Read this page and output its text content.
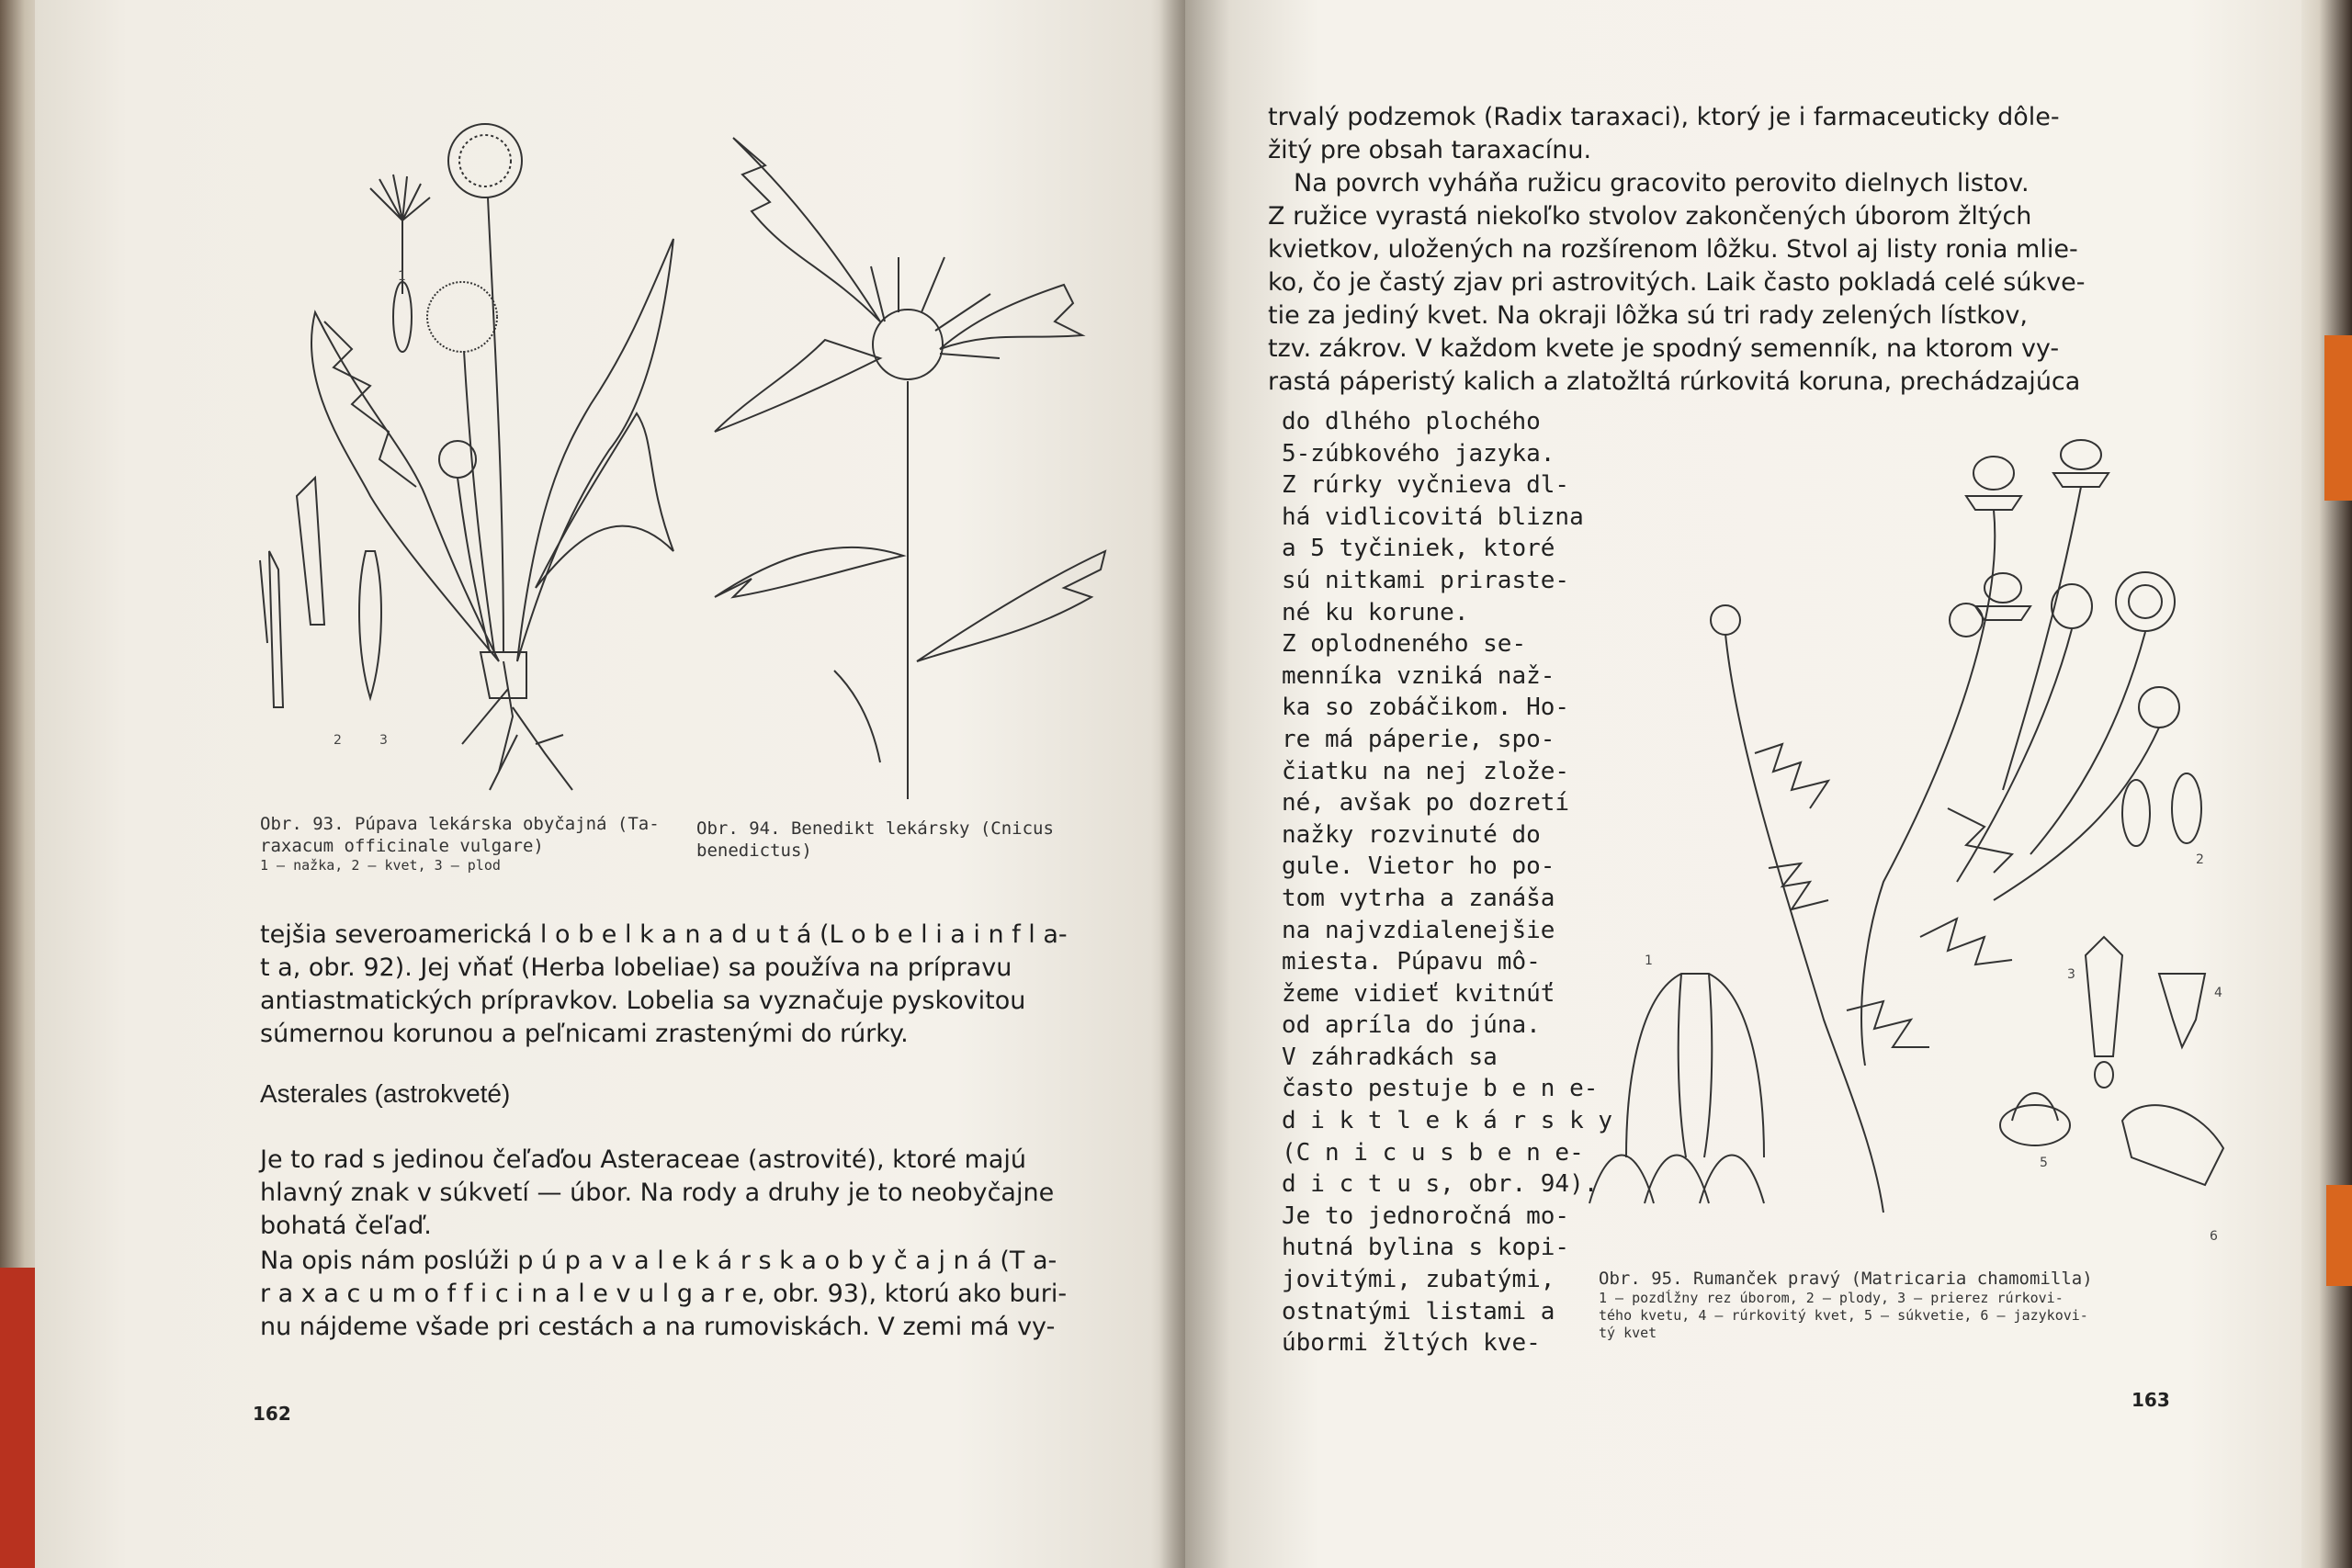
1
2	3
Obr. 93. Púpava lekárska obyčajná (Ta-
raxacum officinale vulgare)
1 — nažka, 2 — kvet, 3 — plod
Obr. 94. Benedikt lekársky (Cnicus
benedictus)
tejšia severoamerická l o b e l k a n a d u t á (L o b e l i a i n f l a-
t a, obr. 92). Jej vňať (Herba lobeliae) sa používa na prípravu
antiastmatických prípravkov. Lobelia sa vyznačuje pyskovitou
súmernou korunou a peľnicami zrastenými do rúrky.
Asterales (astrokveté)
Je to rad s jedinou čeľaďou Asteraceae (astrovité), ktoré majú
hlavný znak v súkvetí — úbor. Na rody a druhy je to neobyčajne
bohatá čeľaď.
Na opis nám poslúži p ú p a v a l e k á r s k a o b y č a j n á (T a-
r a x a c u m o f f i c i n a l e v u l g a r e, obr. 93), ktorú ako buri-
nu nájdeme všade pri cestách a na rumoviskách. V zemi má vy-
162
trvalý podzemok (Radix taraxaci), ktorý je i farmaceuticky dôle-
žitý pre obsah taraxacínu.
Na povrch vyháňa ružicu gracovito perovito dielnych listov.
Z ružice vyrastá niekoľko stvolov zakončených úborom žltých
kvietkov, uložených na rozšírenom lôžku. Stvol aj listy ronia mlie-
ko, čo je častý zjav pri astrovitých. Laik často pokladá celé súkve-
tie za jediný kvet. Na okraji lôžka sú tri rady zelených lístkov,
tzv. zákrov. V každom kvete je spodný semenník, na ktorom vy-
rastá páperistý kalich a zlatožltá rúrkovitá koruna, prechádzajúca
do dlhého plochého
5-zúbkového jazyka.
Z rúrky vyčnieva dl-
há vidlicovitá blizna
a 5 tyčiniek, ktoré
sú nitkami priraste-
né ku korune.
Z oplodneného se-
menníka vzniká naž-
ka so zobáčikom. Ho-
re má páperie, spo-
čiatku na nej zlože-
né, avšak po dozretí
nažky rozvinuté do
gule. Vietor ho po-
tom vytrha a zanáša
na najvzdialenejšie
miesta. Púpavu mô-
žeme vidieť kvitnúť
od apríla do júna.
V záhradkách sa
často pestuje b e n e-
d i k t l e k á r s k y
(C n i c u s b e n e-
d i c t u s, obr. 94).
Je to jednoročná mo-
hutná bylina s kopi-
jovitými, zubatými,
ostnatými listami a
úbormi žltých kve-
1
2
3
4
5
6
Obr. 95. Rumanček pravý (Matricaria chamomilla)
1 — pozdĺžny rez úborom, 2 — plody, 3 — prierez rúrkovi-
tého kvetu, 4 — rúrkovitý kvet, 5 — súkvetie, 6 — jazykovi-
tý kvet
163
